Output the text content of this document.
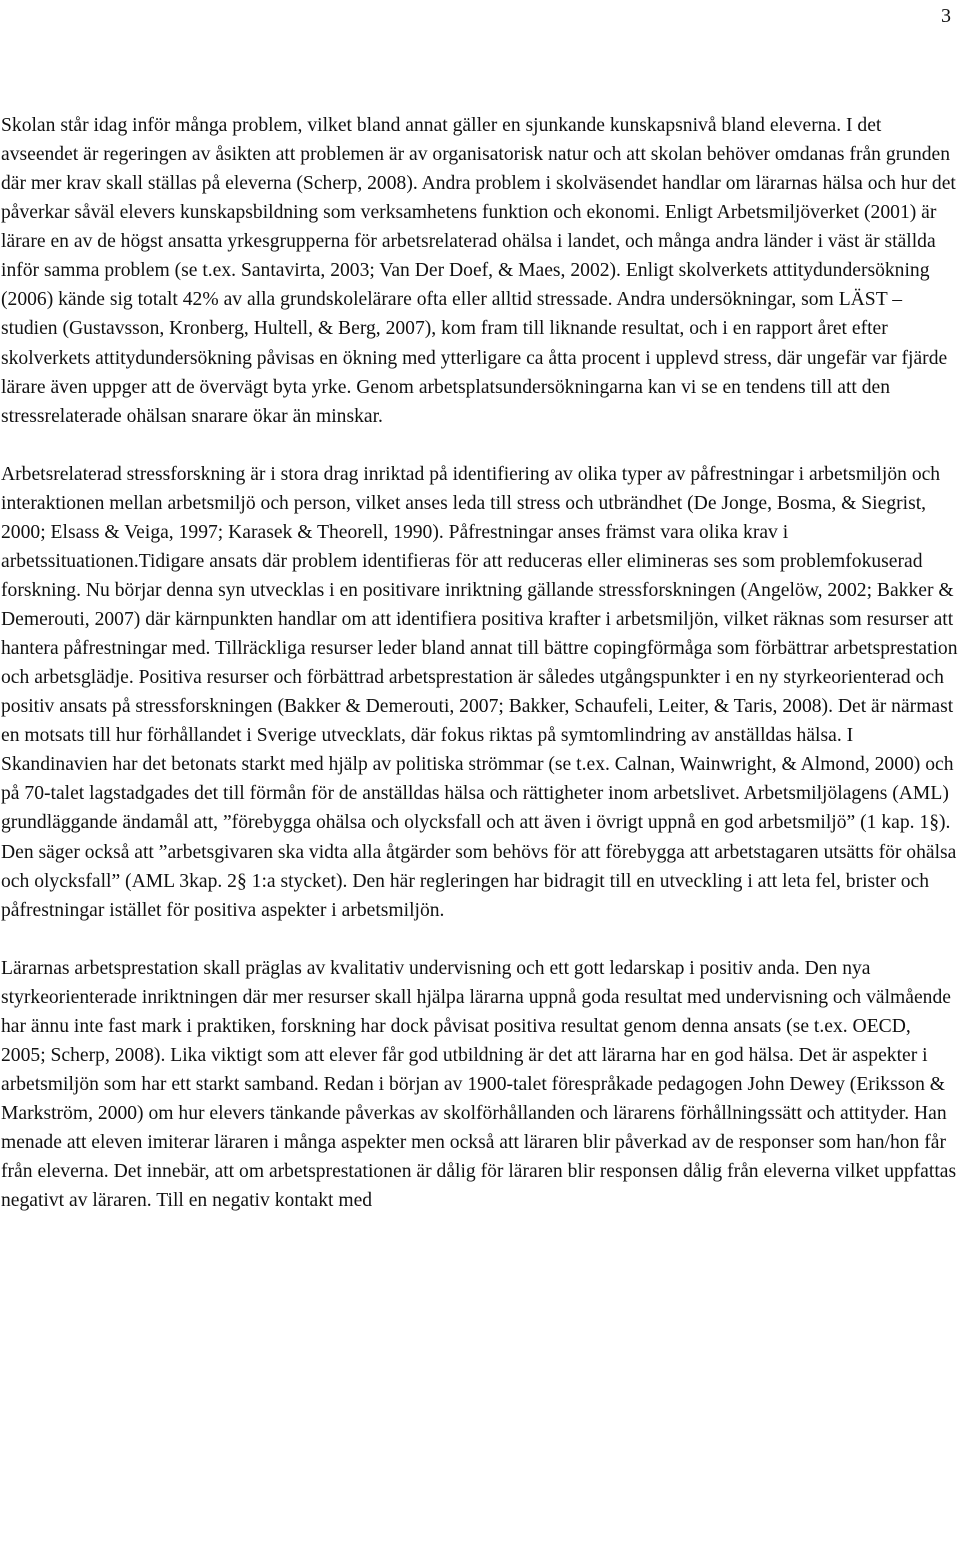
3

Skolan står idag inför många problem, vilket bland annat gäller en sjunkande kunskapsnivå bland eleverna. I det avseendet är regeringen av åsikten att problemen är av organisatorisk natur och att skolan behöver omdanas från grunden där mer krav skall ställas på eleverna (Scherp, 2008). Andra problem i skolväsendet handlar om lärarnas hälsa och hur det påverkar såväl elevers kunskapsbildning som verksamhetens funktion och ekonomi. Enligt Arbetsmiljöverket (2001) är lärare en av de högst ansatta yrkesgrupperna för arbetsrelaterad ohälsa i landet, och många andra länder i väst är ställda inför samma problem (se t.ex. Santavirta, 2003; Van Der Doef, & Maes, 2002). Enligt skolverkets attitydundersökning (2006) kände sig totalt 42% av alla grundskolelärare ofta eller alltid stressade. Andra undersökningar, som LÄST – studien (Gustavsson, Kronberg, Hultell, & Berg, 2007), kom fram till liknande resultat, och i en rapport året efter skolverkets attitydundersökning påvisas en ökning med ytterligare ca åtta procent i upplevd stress, där ungefär var fjärde lärare även uppger att de övervägt byta yrke. Genom arbetsplatsundersökningarna kan vi se en tendens till att den stressrelaterade ohälsan snarare ökar än minskar.

Arbetsrelaterad stressforskning är i stora drag inriktad på identifiering av olika typer av påfrestningar i arbetsmiljön och interaktionen mellan arbetsmiljö och person, vilket anses leda till stress och utbrändhet (De Jonge, Bosma, & Siegrist, 2000; Elsass & Veiga, 1997; Karasek & Theorell, 1990). Påfrestningar anses främst vara olika krav i arbetssituationen.Tidigare ansats där problem identifieras för att reduceras eller elimineras ses som problemfokuserad forskning. Nu börjar denna syn utvecklas i en positivare inriktning gällande stressforskningen (Angelöw, 2002; Bakker & Demerouti, 2007) där kärnpunkten handlar om att identifiera positiva krafter i arbetsmiljön, vilket räknas som resurser att hantera påfrestningar med. Tillräckliga resurser leder bland annat till bättre copingförmåga som förbättrar arbetsprestation och arbetsglädje. Positiva resurser och förbättrad arbetsprestation är således utgångspunkter i en ny styrkeorienterad och positiv ansats på stressforskningen (Bakker & Demerouti, 2007; Bakker, Schaufeli, Leiter, & Taris, 2008). Det är närmast en motsats till hur förhållandet i Sverige utvecklats, där fokus riktas på symtomlindring av anställdas hälsa. I Skandinavien har det betonats starkt med hjälp av politiska strömmar (se t.ex. Calnan, Wainwright, & Almond, 2000) och på 70-talet lagstadgades det till förmån för de anställdas hälsa och rättigheter inom arbetslivet. Arbetsmiljölagens (AML) grundläggande ändamål att, ”förebygga ohälsa och olycksfall och att även i övrigt uppnå en god arbetsmiljö” (1 kap. 1§). Den säger också att ”arbetsgivaren ska vidta alla åtgärder som behövs för att förebygga att arbetstagaren utsätts för ohälsa och olycksfall” (AML 3kap. 2§ 1:a stycket). Den här regleringen har bidragit till en utveckling i att leta fel, brister och påfrestningar istället för positiva aspekter i arbetsmiljön.

Lärarnas arbetsprestation skall präglas av kvalitativ undervisning och ett gott ledarskap i positiv anda. Den nya styrkeorienterade inriktningen där mer resurser skall hjälpa lärarna uppnå goda resultat med undervisning och välmående har ännu inte fast mark i praktiken, forskning har dock påvisat positiva resultat genom denna ansats (se t.ex. OECD, 2005; Scherp, 2008). Lika viktigt som att elever får god utbildning är det att lärarna har en god hälsa. Det är aspekter i arbetsmiljön som har ett starkt samband. Redan i början av 1900-talet förespråkade pedagogen John Dewey (Eriksson & Markström, 2000) om hur elevers tänkande påverkas av skolförhållanden och lärarens förhållningssätt och attityder. Han menade att eleven imiterar läraren i många aspekter men också att läraren blir påverkad av de responser som han/hon får från eleverna. Det innebär, att om arbetsprestationen är dålig för läraren blir responsen dålig från eleverna vilket uppfattas negativt av läraren. Till en negativ kontakt med
